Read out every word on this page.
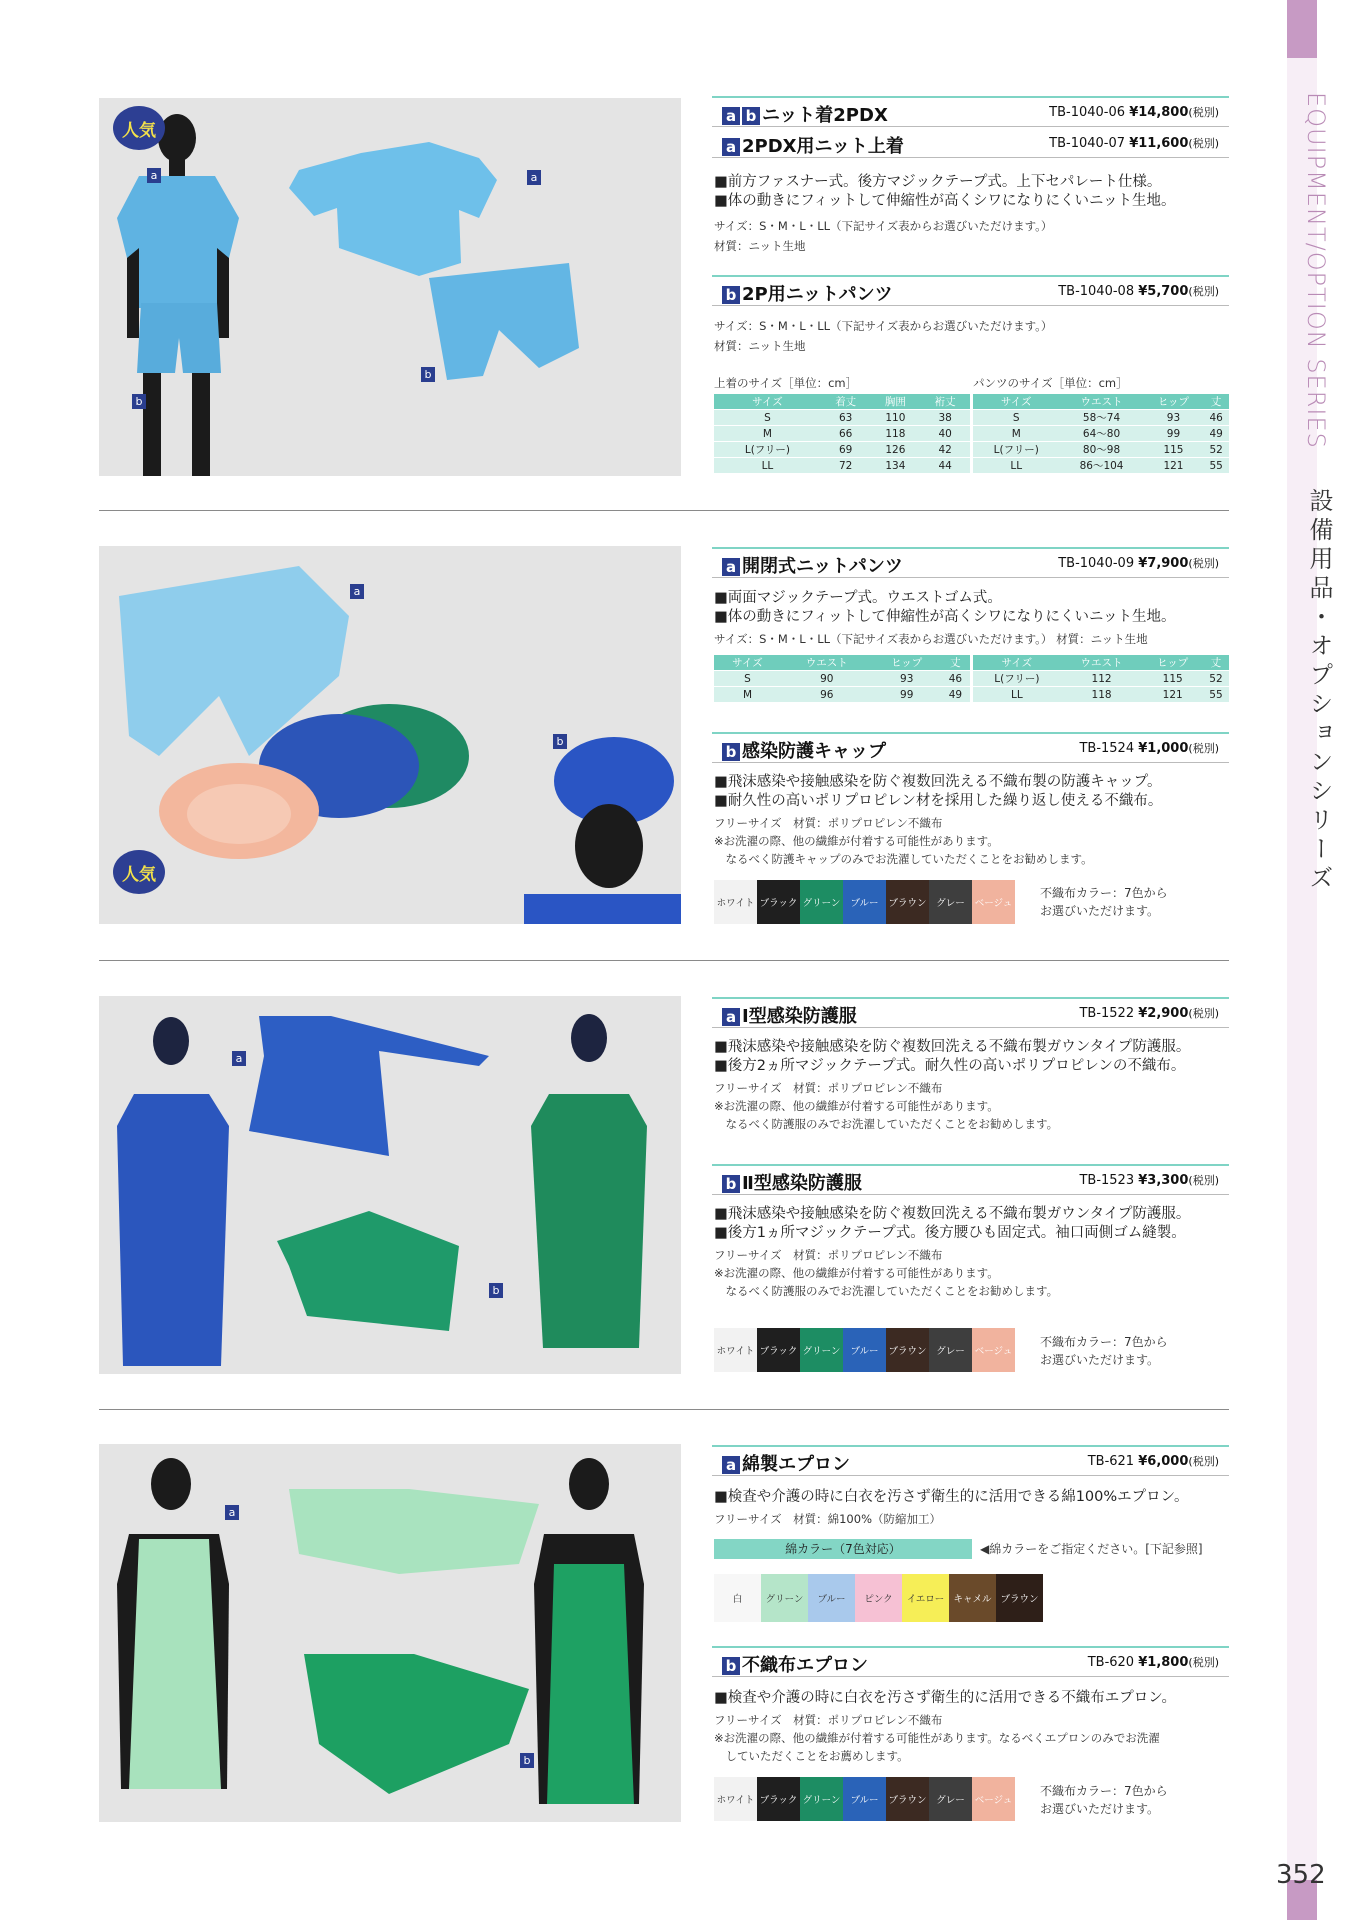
EQUIPMENT/OPTION SERIES
設備用品・オプションシリーズ
352
人気
a	a
b
b
a b ニット着2PDX	TB-1040-06 ¥14,800(税別)
a 2PDX用ニット上着	TB-1040-07 ¥11,600(税別)
■前方ファスナー式。後方マジックテープ式。上下セパレート仕様。
■体の動きにフィットして伸縮性が高くシワになりにくいニット生地。
サイズ：S・M・L・LL（下記サイズ表からお選びいただけます。）
材質：ニット生地
b 2P用ニットパンツ	TB-1040-08 ¥5,700(税別)
サイズ：S・M・L・LL（下記サイズ表からお選びいただけます。）
材質：ニット生地
上着のサイズ［単位：cm］
サイズ	着丈	胸囲	裄丈
S	63	110	38
M	66	118	40
L(フリー)	69	126	42
LL	72	134	44
パンツのサイズ［単位：cm］
サイズ	ウエスト	ヒップ	丈
S	58〜74	93	46
M	64〜80	99	49
L(フリー)	80〜98	115	52
LL	86〜104	121	55
人気
a
b
a 開閉式ニットパンツ	TB-1040-09 ¥7,900(税別)
■両面マジックテープ式。ウエストゴム式。
■体の動きにフィットして伸縮性が高くシワになりにくいニット生地。
サイズ：S・M・L・LL（下記サイズ表からお選びいただけます。） 材質：ニット生地
サイズ	ウエスト	ヒップ	丈
S	90	93	46
M	96	99	49
サイズ	ウエスト	ヒップ	丈
L(フリー)	112	115	52
LL	118	121	55
b 感染防護キャップ	TB-1524 ¥1,000(税別)
■飛沫感染や接触感染を防ぐ複数回洗える不織布製の防護キャップ。
■耐久性の高いポリプロピレン材を採用した繰り返し使える不織布。
フリーサイズ　材質：ポリプロピレン不織布
※お洗濯の際、他の繊維が付着する可能性があります。
　なるべく防護キャップのみでお洗濯していただくことをお勧めします。
ホワイト ブラック グリーン	ブルー	ブラウン	グレー	ベージュ
不織布カラー：7色から
お選びいただけます。
a
b
a Ⅰ型感染防護服	TB-1522 ¥2,900(税別)
■飛沫感染や接触感染を防ぐ複数回洗える不織布製ガウンタイプ防護服。
■後方2ヵ所マジックテープ式。耐久性の高いポリプロピレンの不織布。
フリーサイズ　材質：ポリプロピレン不織布
※お洗濯の際、他の繊維が付着する可能性があります。
　なるべく防護服のみでお洗濯していただくことをお勧めします。
b Ⅱ型感染防護服	TB-1523 ¥3,300(税別)
■飛沫感染や接触感染を防ぐ複数回洗える不織布製ガウンタイプ防護服。
■後方1ヵ所マジックテープ式。後方腰ひも固定式。袖口両側ゴム縫製。
フリーサイズ　材質：ポリプロピレン不織布
※お洗濯の際、他の繊維が付着する可能性があります。
　なるべく防護服のみでお洗濯していただくことをお勧めします。
ホワイト ブラック グリーン	ブルー	ブラウン	グレー	ベージュ
不織布カラー：7色から
お選びいただけます。
a
b
a 綿製エプロン	TB-621 ¥6,000(税別)
■検査や介護の時に白衣を汚さず衛生的に活用できる綿100%エプロン。
フリーサイズ　材質：綿100%（防縮加工）
綿カラー（7色対応）	◀綿カラーをご指定ください。[下記参照]
白	グリーン	ブルー	ピンク	イエロー キャメル ブラウン
b 不織布エプロン	TB-620 ¥1,800(税別)
■検査や介護の時に白衣を汚さず衛生的に活用できる不織布エプロン。
フリーサイズ　材質：ポリプロピレン不織布
※お洗濯の際、他の繊維が付着する可能性があります。なるべくエプロンのみでお洗濯
　していただくことをお薦めします。
ホワイト ブラック グリーン	ブルー	ブラウン	グレー	ベージュ
不織布カラー：7色から
お選びいただけます。
